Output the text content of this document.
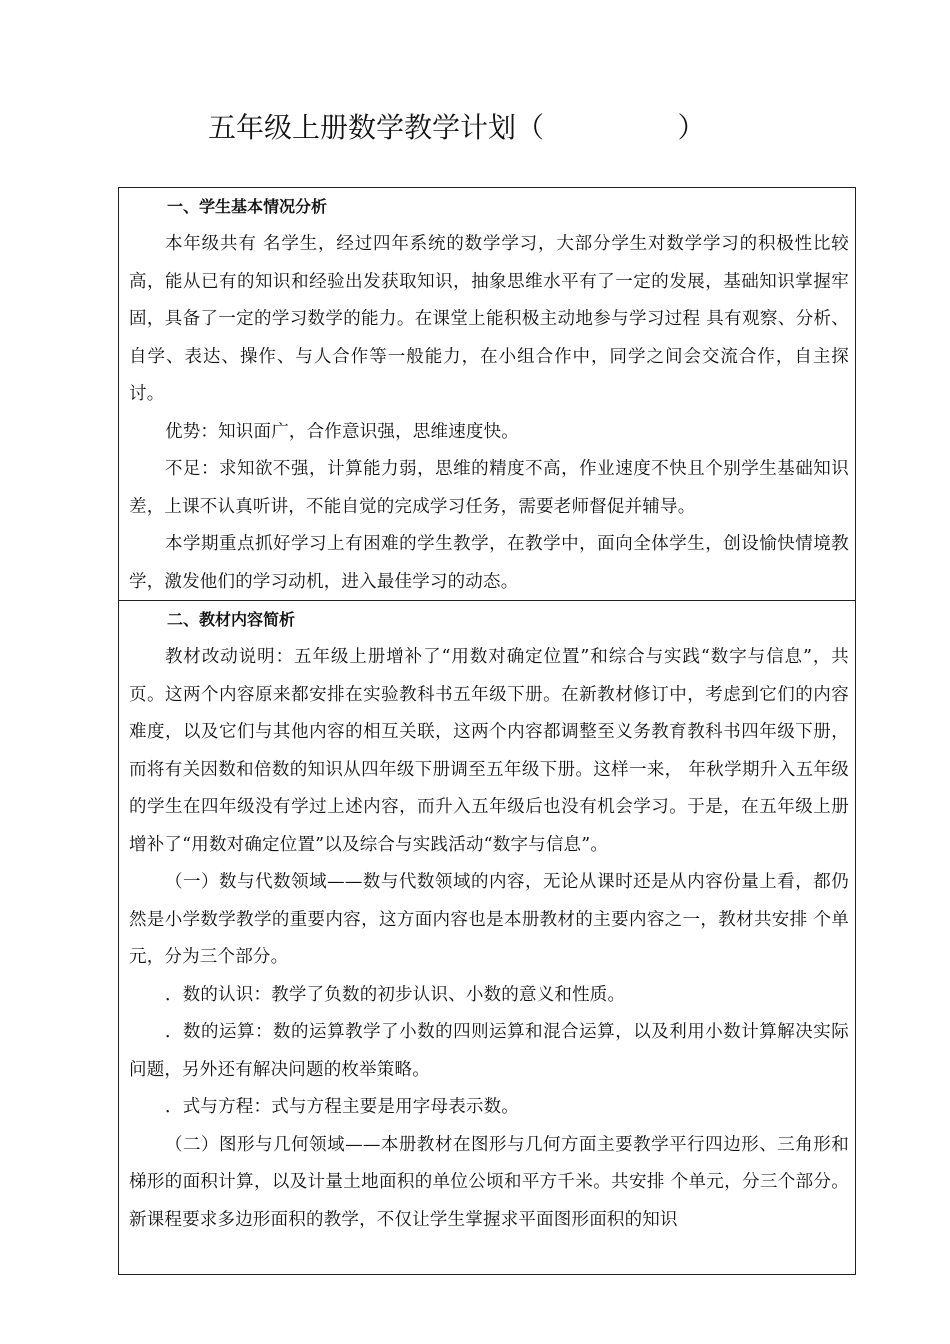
五年级上册数学教学计划（               ）
一、学生基本情况分析

本年级共有 名学生，经过四年系统的数学学习，大部分学生对数学学习的积极性比较高，能从已有的知识和经验出发获取知识，抽象思维水平有了一定的发展，基础知识掌握牢固，具备了一定的学习数学的能力。在课堂上能积极主动地参与学习过程 具有观察、分析、自学、表达、操作、与人合作等一般能力，在小组合作中，同学之间会交流合作，自主探讨。

优势：知识面广，合作意识强，思维速度快。

不足：求知欲不强，计算能力弱，思维的精度不高，作业速度不快且个别学生基础知识差，上课不认真听讲，不能自觉的完成学习任务，需要老师督促并辅导。

本学期重点抓好学习上有困难的学生教学，在教学中，面向全体学生，创设愉快情境教学，激发他们的学习动机，进入最佳学习的动态。

二、教材内容简析

教材改动说明：五年级上册增补了“用数对确定位置”和综合与实践“数字与信息”，共 页。这两个内容原来都安排在实验教科书五年级下册。在新教材修订中，考虑到它们的内容难度，以及它们与其他内容的相互关联，这两个内容都调整至义务教育教科书四年级下册，而将有关因数和倍数的知识从四年级下册调至五年级下册。这样一来， 年秋学期升入五年级的学生在四年级没有学过上述内容，而升入五年级后也没有机会学习。于是，在五年级上册增补了“用数对确定位置”以及综合与实践活动“数字与信息”。

（一）数与代数领域——数与代数领域的内容，无论从课时还是从内容份量上看，都仍然是小学数学教学的重要内容，这方面内容也是本册教材的主要内容之一，教材共安排 个单元，分为三个部分。

．数的认识：教学了负数的初步认识、小数的意义和性质。

．数的运算：数的运算教学了小数的四则运算和混合运算，以及利用小数计算解决实际问题，另外还有解决问题的枚举策略。

．式与方程：式与方程主要是用字母表示数。

（二）图形与几何领域——本册教材在图形与几何方面主要教学平行四边形、三角形和梯形的面积计算，以及计量土地面积的单位公顷和平方千米。共安排 个单元，分三个部分。新课程要求多边形面积的教学，不仅让学生掌握求平面图形面积的知识
